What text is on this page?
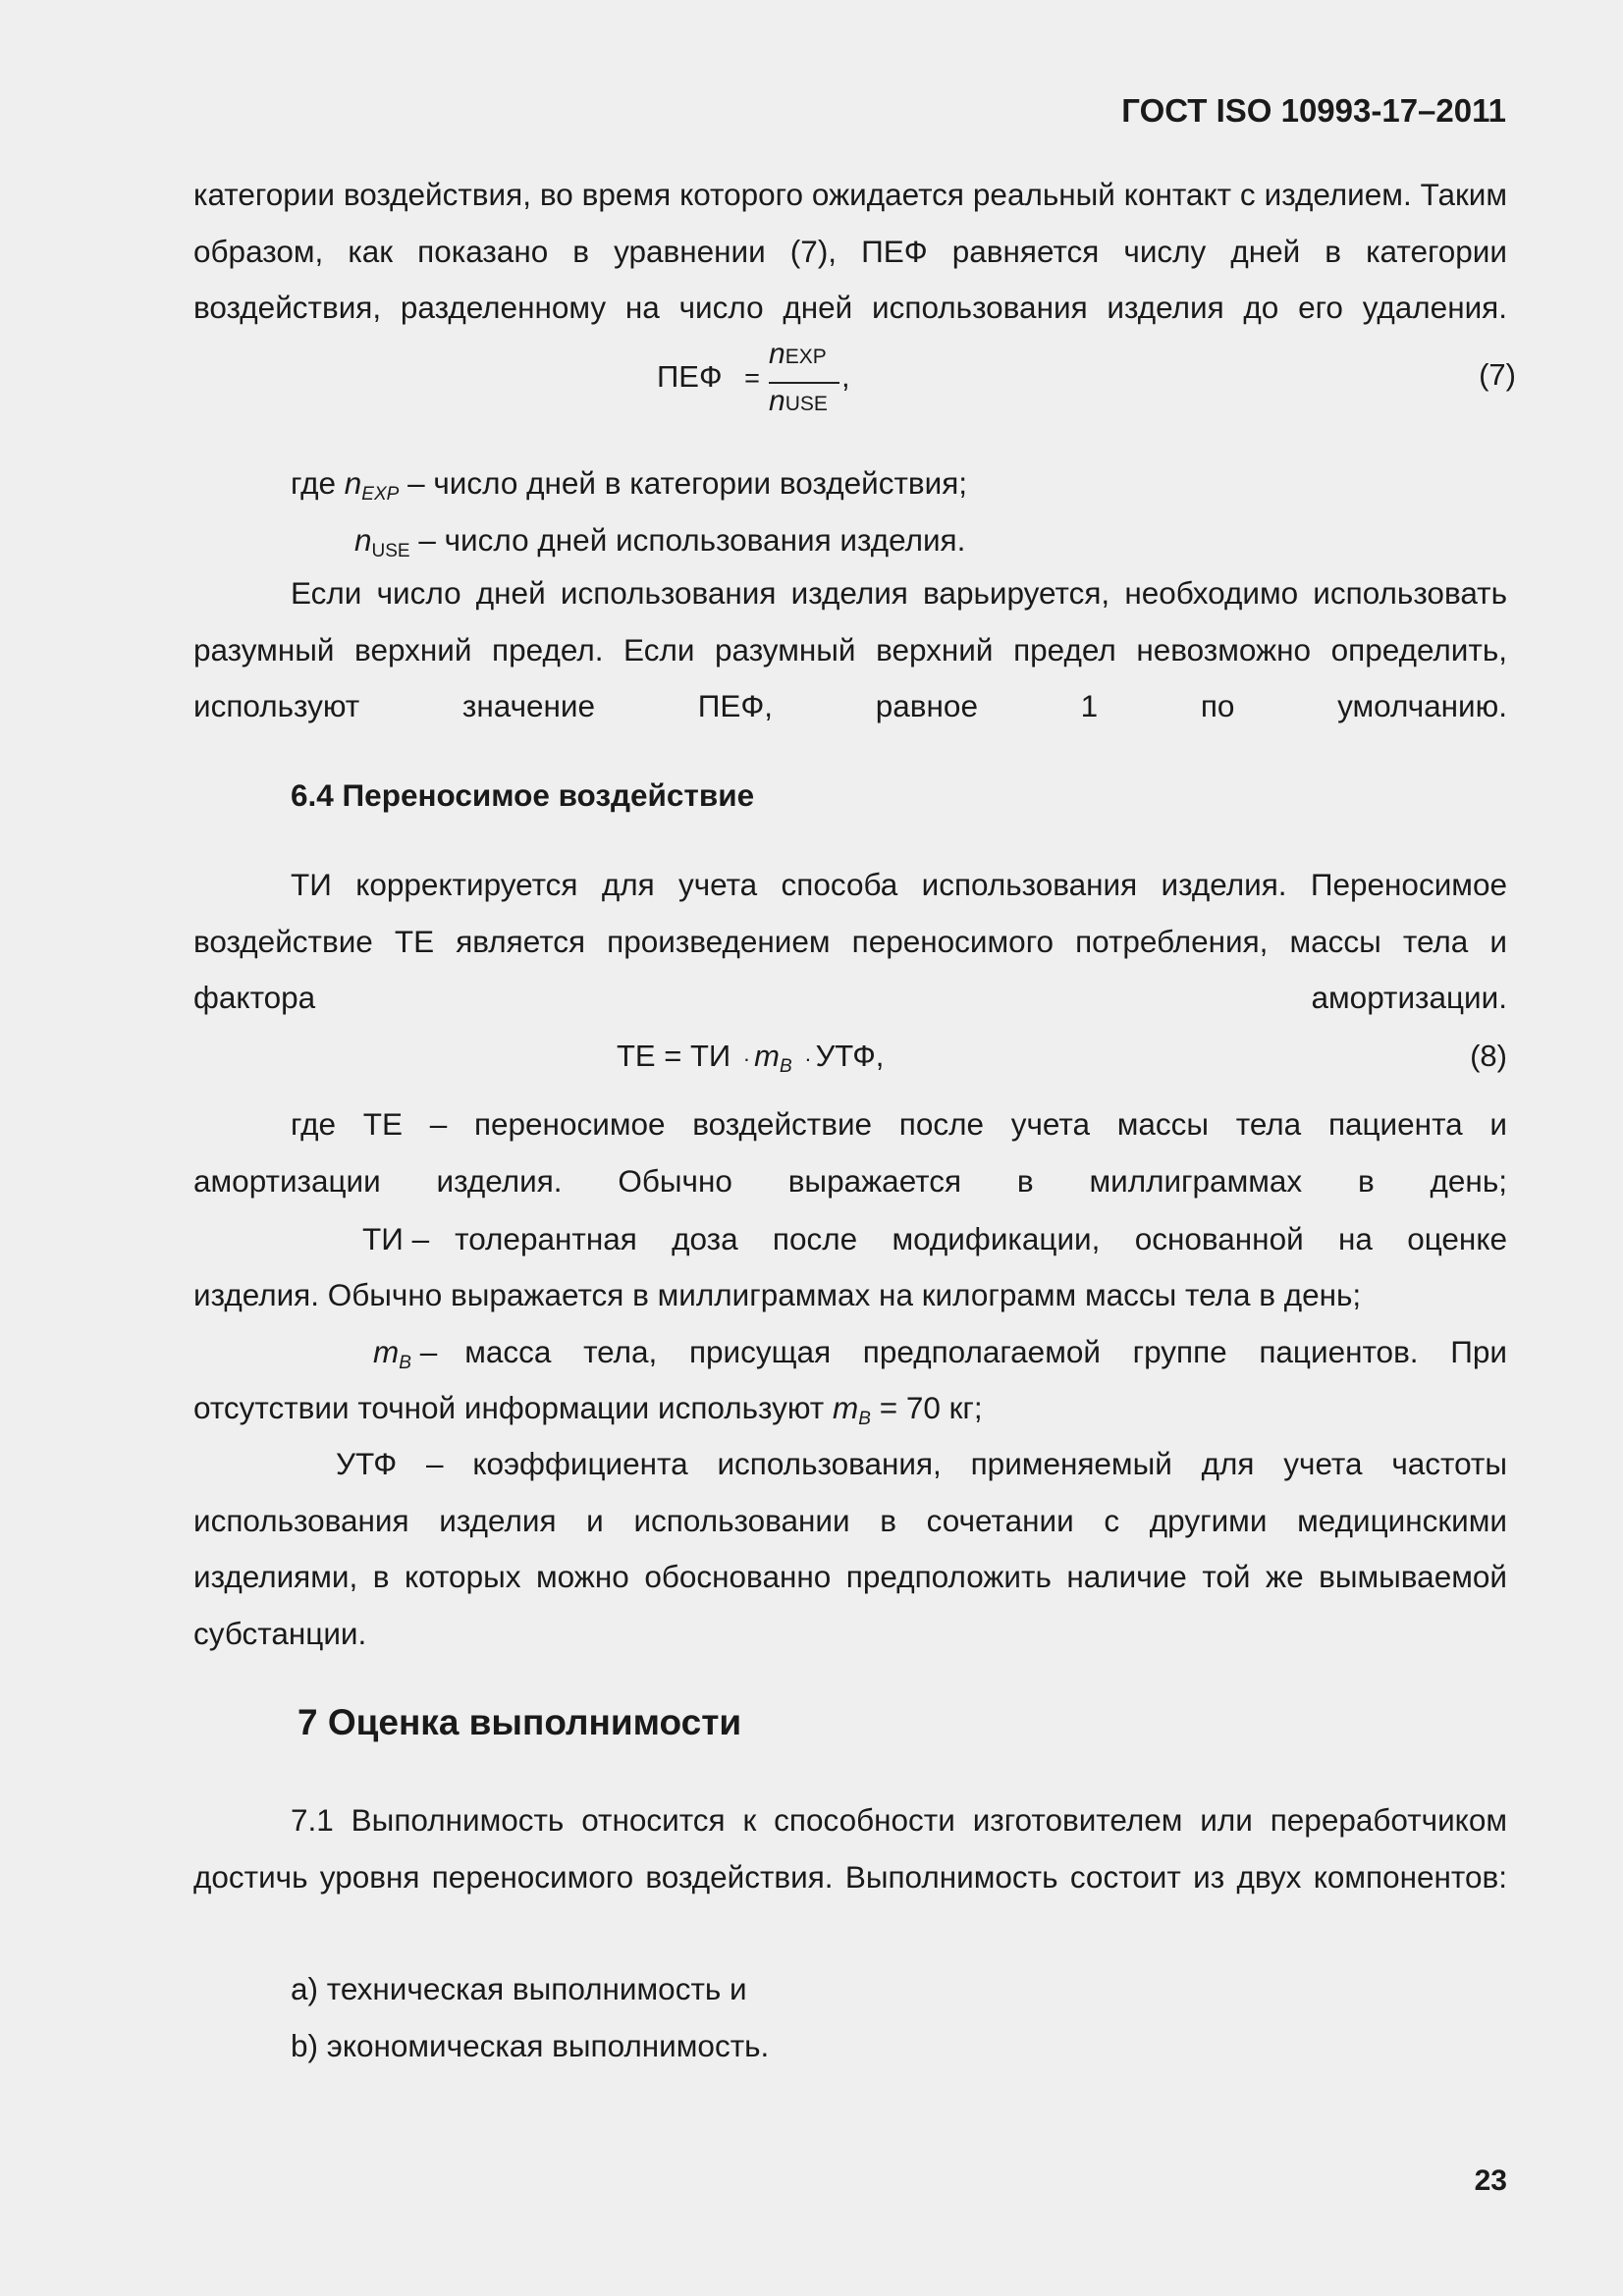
ГОСТ ISO 10993-17–2011
категории воздействия, во время которого ожидается реальный контакт с изделием. Таким образом, как показано в уравнении (7), ПЕФ равняется числу дней в категории воздействия, разделенному на число дней использования изделия до его удаления.
ПЕФ =
nEXP
nUSE
,	(7)
где $n_{EXP}$ – число дней в категории воздействия;
$n_{USE}$ – число дней использования изделия.
Если число дней использования изделия варьируется, необходимо использовать разумный верхний предел. Если разумный верхний предел невозможно определить, используют значение ПЕФ, равное 1 по умолчанию.
6.4 Переносимое воздействие
ТИ корректируется для учета способа использования изделия. Переносимое воздействие ТЕ является произведением переносимого потребления, массы тела и фактора амортизации.
ТЕ = ТИ · $m_B$ · УТФ,	(8)
где ТЕ – переносимое воздействие после учета массы тела пациента и амортизации изделия. Обычно выражается в миллиграммах в день;
ТИ – толерантная доза после модификации, основанной на оценке
изделия. Обычно выражается в миллиграммах на килограмм массы тела в день;
$m_B$ – масса тела, присущая предполагаемой группе пациентов. При
отсутствии точной информации используют $m_B = 70$ кг;
УТФ – коэффициента использования, применяемый для учета частоты использования изделия и использовании в сочетании с другими медицинскими изделиями, в которых можно обоснованно предположить наличие той же вымываемой субстанции.
7 Оценка выполнимости
7.1 Выполнимость относится к способности изготовителем или переработчиком достичь уровня переносимого воздействия. Выполнимость состоит из двух компонентов:
a) техническая выполнимость и
b) экономическая выполнимость.
23
